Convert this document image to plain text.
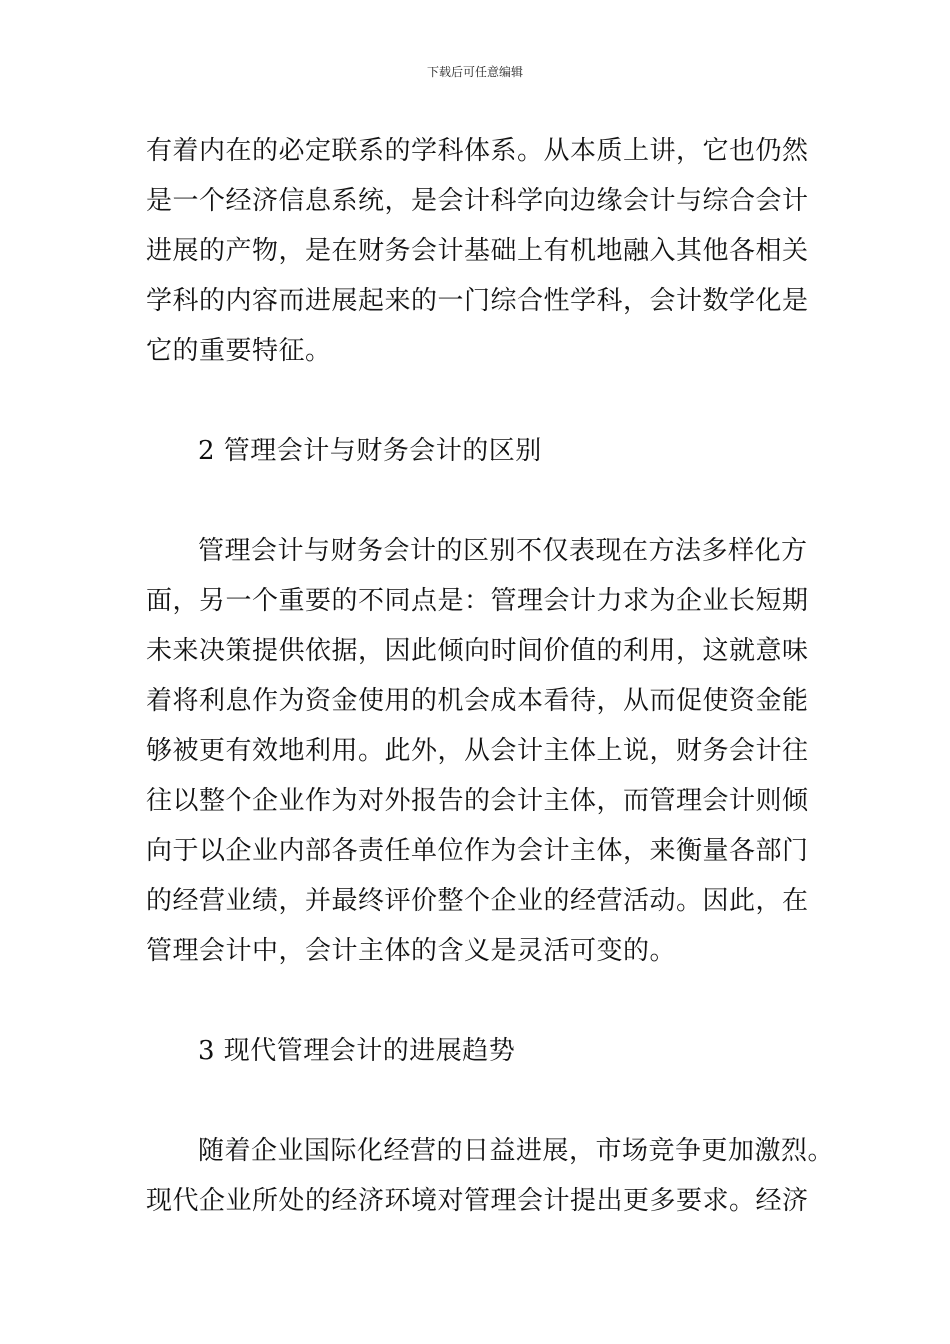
下载后可任意编辑
有着内在的必定联系的学科体系。从本质上讲，它也仍然
是一个经济信息系统，是会计科学向边缘会计与综合会计
进展的产物，是在财务会计基础上有机地融入其他各相关
学科的内容而进展起来的一门综合性学科，会计数学化是
它的重要特征。
2 管理会计与财务会计的区别
管理会计与财务会计的区别不仅表现在方法多样化方
面，另一个重要的不同点是：管理会计力求为企业长短期
未来决策提供依据，因此倾向时间价值的利用，这就意味
着将利息作为资金使用的机会成本看待，从而促使资金能
够被更有效地利用。此外，从会计主体上说，财务会计往
往以整个企业作为对外报告的会计主体，而管理会计则倾
向于以企业内部各责任单位作为会计主体，来衡量各部门
的经营业绩，并最终评价整个企业的经营活动。因此，在
管理会计中，会计主体的含义是灵活可变的。
3 现代管理会计的进展趋势
随着企业国际化经营的日益进展，市场竞争更加激烈。
现代企业所处的经济环境对管理会计提出更多要求。经济
